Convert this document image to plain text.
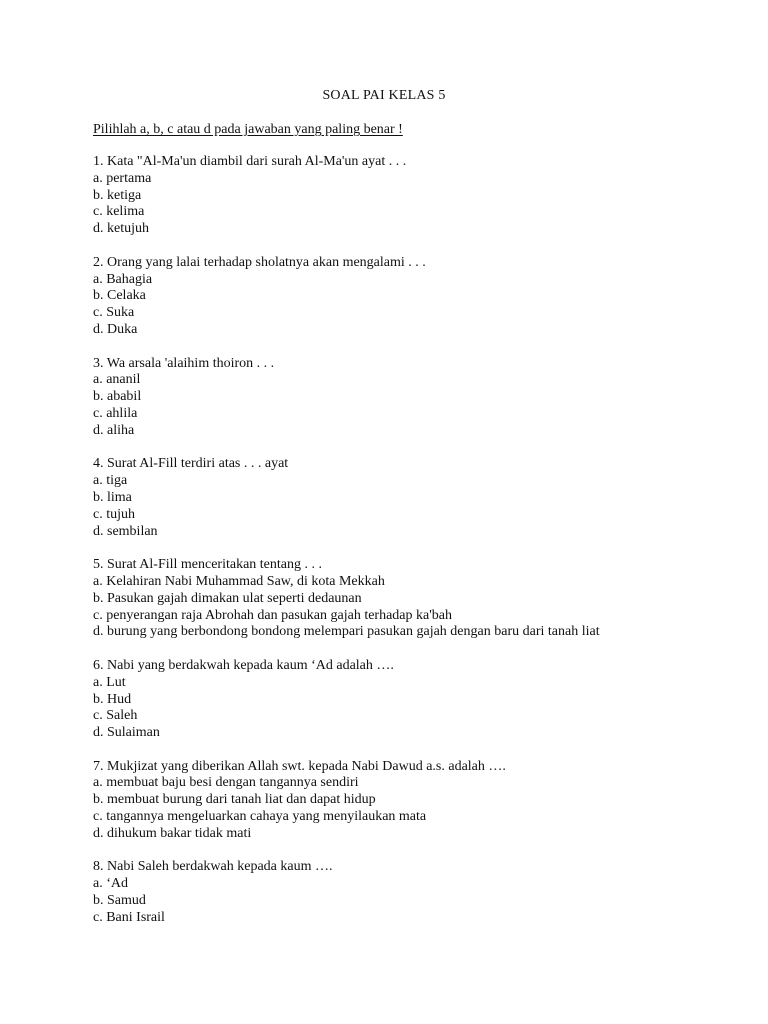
SOAL PAI KELAS 5
Pilihlah a, b, c atau d pada jawaban yang paling benar !
1. Kata "Al-Ma'un diambil dari surah Al-Ma'un ayat . . .
a. pertama
b. ketiga
c. kelima
d. ketujuh
2. Orang yang lalai terhadap sholatnya akan mengalami . . .
a. Bahagia
b. Celaka
c. Suka
d. Duka
3. Wa arsala 'alaihim thoiron . . .
a. ananil
b. ababil
c. ahlila
d. aliha
4. Surat Al-Fill terdiri atas . . . ayat
a. tiga
b. lima
c. tujuh
d. sembilan
5. Surat Al-Fill menceritakan tentang . . .
a. Kelahiran Nabi Muhammad Saw, di kota Mekkah
b. Pasukan gajah dimakan ulat seperti dedaunan
c. penyerangan raja Abrohah dan pasukan gajah terhadap ka'bah
d. burung yang berbondong bondong melempari pasukan gajah dengan baru dari tanah liat
6. Nabi yang berdakwah kepada kaum ‘Ad adalah ….
a. Lut
b. Hud
c. Saleh
d. Sulaiman
7. Mukjizat yang diberikan Allah swt. kepada Nabi Dawud a.s. adalah ….
a. membuat baju besi dengan tangannya sendiri
b. membuat burung dari tanah liat dan dapat hidup
c. tangannya mengeluarkan cahaya yang menyilaukan mata
d. dihukum bakar tidak mati
8. Nabi Saleh berdakwah kepada kaum ….
a. ‘Ad
b. Samud
c. Bani Israil
